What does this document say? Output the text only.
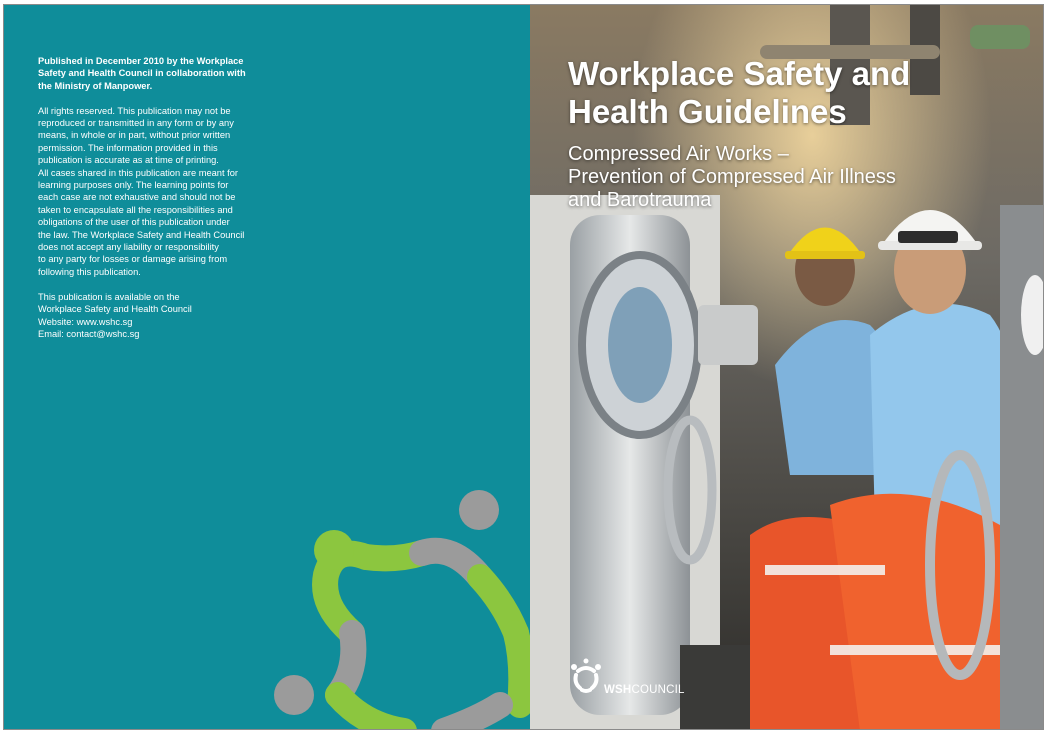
Published in December 2010 by the Workplace
Safety and Health Council in collaboration with
the Ministry of Manpower.

All rights reserved. This publication may not be
reproduced or transmitted in any form or by any
means, in whole or in part, without prior written
permission. The information provided in this
publication is accurate as at time of printing.
All cases shared in this publication are meant for
learning purposes only. The learning points for
each case are not exhaustive and should not be
taken to encapsulate all the responsibilities and
obligations of the user of this publication under
the law. The Workplace Safety and Health Council
does not accept any liability or responsibility
to any party for losses or damage arising from
following this publication.

This publication is available on the
Workplace Safety and Health Council
Website: www.wshc.sg
Email: contact@wshc.sg

Workplace Safety and
Health Guidelines
Compressed Air Works –
Prevention of Compressed Air Illness
and Barotrauma
WSHCOUNCIL
